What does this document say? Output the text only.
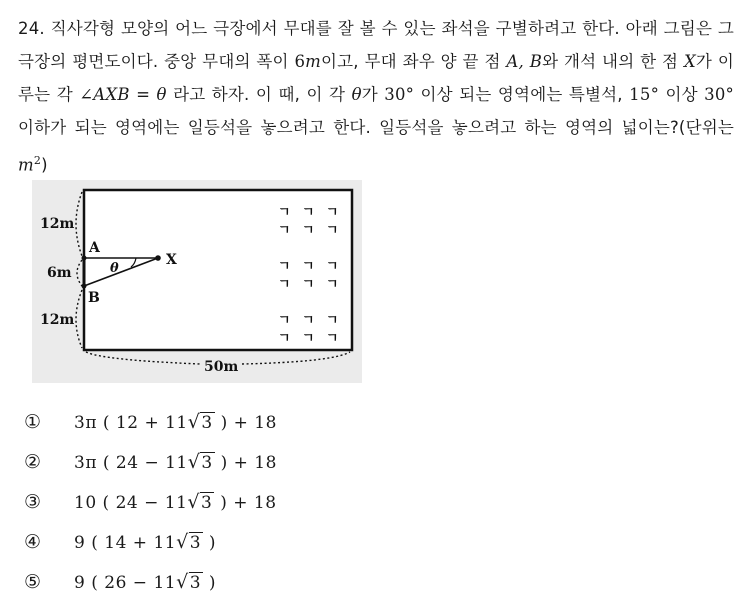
24. 직사각형 모양의 어느 극장에서 무대를 잘 볼 수 있는 좌석을 구별하려고 한다. 아래 그림은 그 극장의 평면도이다. 중앙 무대의 폭이 6m이고, 무대 좌우 양 끝 점 A, B와 개석 내의 한 점 X가 이루는 각 ∠AXB = θ 라고 하자. 이 때, 이 각 θ가 30° 이상 되는 영역에는 특별석, 15° 이상 30° 이하가 되는 영역에는 일등석을 놓으려고 한다. 일등석을 놓으려고 하는 영역의 넓이는?(단위는 $m^2$)
12m
6m
12m
50m
A
B
X
θ
ㄱ ㄱ ㄱ
ㄱ ㄱ ㄱ
ㄱ ㄱ ㄱ
ㄱ ㄱ ㄱ
ㄱ ㄱ ㄱ
ㄱ ㄱ ㄱ
①	3π ( 12 + 11√3 ) + 18
②	3π ( 24 − 11√3 ) + 18
③	10 ( 24 − 11√3 ) + 18
④	9 ( 14 + 11√3 )
⑤	9 ( 26 − 11√3 )
